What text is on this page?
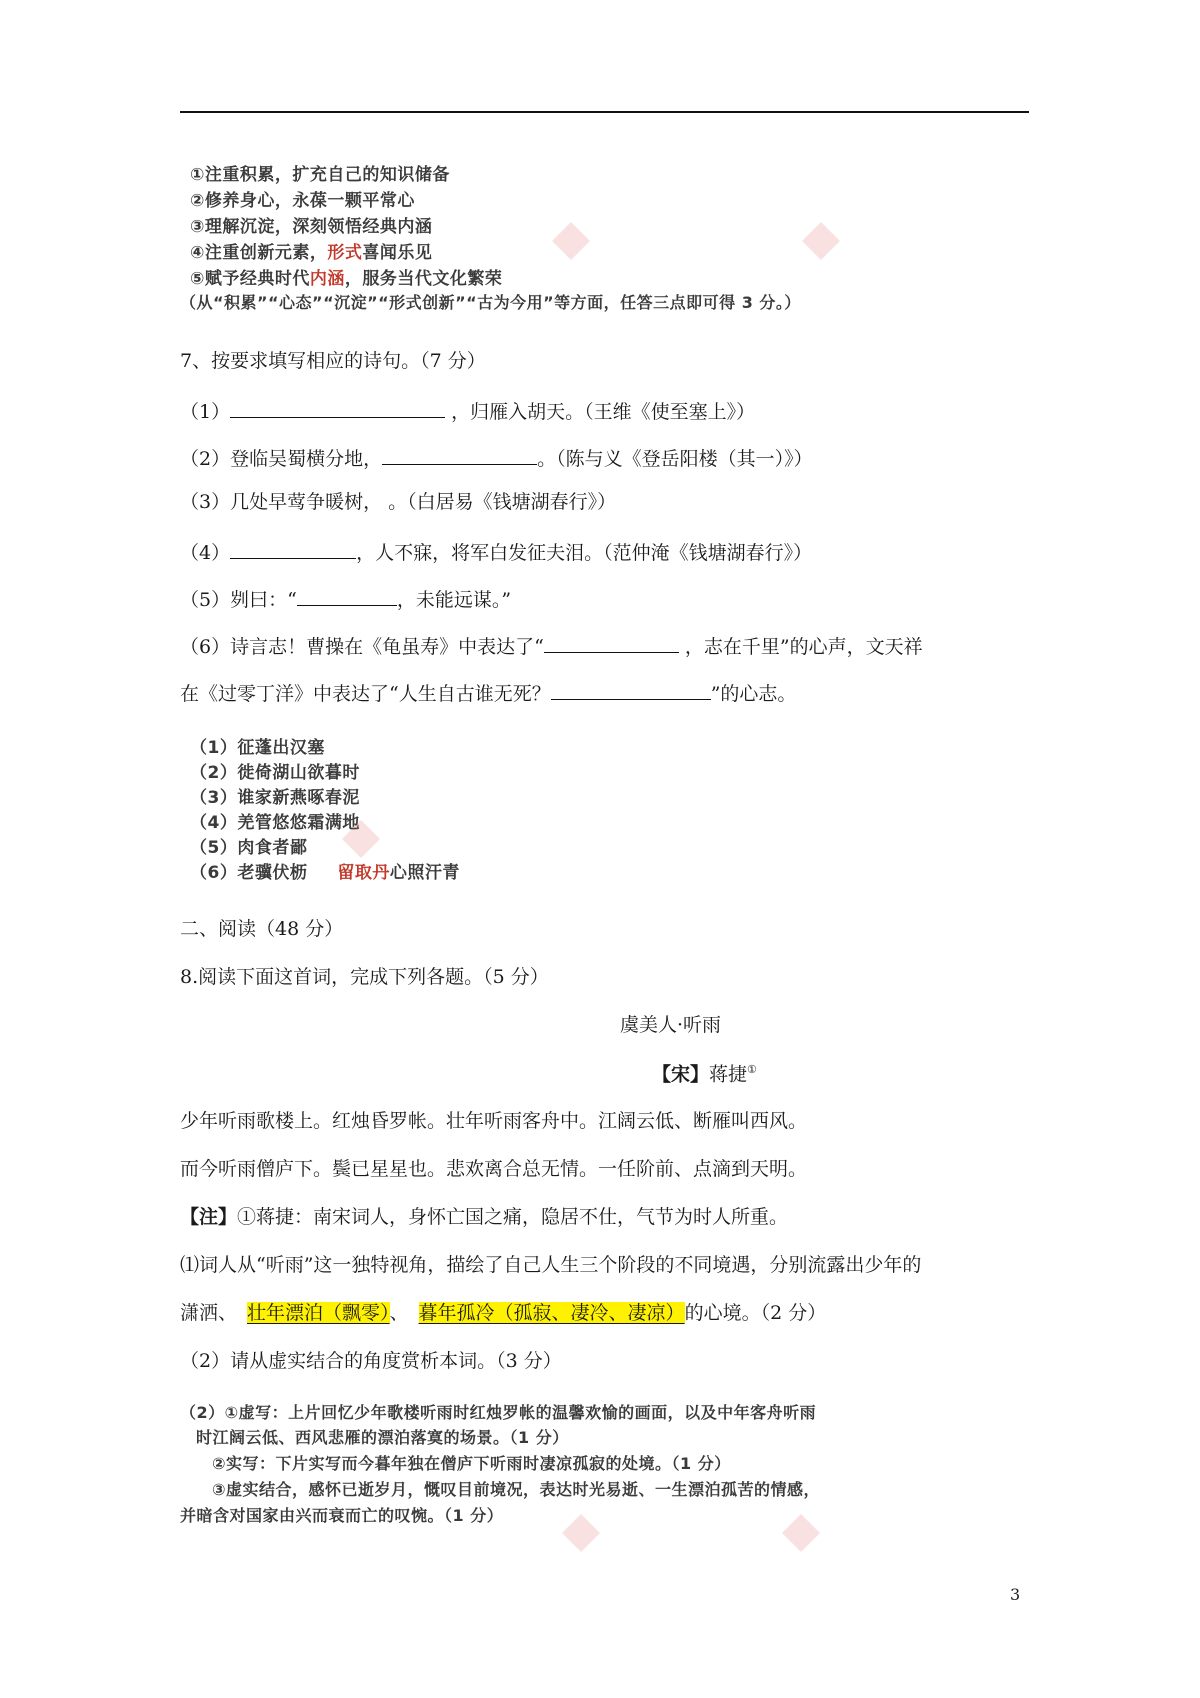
①注重积累，扩充自己的知识储备
②修养身心，永葆一颗平常心
③理解沉淀，深刻领悟经典内涵
④注重创新元素，形式喜闻乐见
⑤赋予经典时代内涵，服务当代文化繁荣
（从“积累”“心态”“沉淀”“形式创新”“古为今用”等方面，任答三点即可得 3 分。）
7、按要求填写相应的诗句。（7 分）
（1）	，归雁入胡天。（王维《使至塞上》）
（2）登临吴蜀横分地，	。（陈与义《登岳阳楼（其一）》）
（3）几处早莺争暖树， 。（白居易《钱塘湖春行》）
（4）	，人不寐，将军白发征夫泪。（范仲淹《钱塘湖春行》）
（5）刿曰：“	，未能远谋。”
（6）诗言志！曹操在《龟虽寿》中表达了“	，志在千里”的心声，文天祥
在《过零丁洋》中表达了“人生自古谁无死？	”的心志。
（1）征蓬出汉塞
（2）徙倚湖山欲暮时
（3）谁家新燕啄春泥
（4）羌管悠悠霜满地
（5）肉食者鄙
（6）老骥伏枥 留取丹心照汗青
二、阅读（48 分）
8.阅读下面这首词，完成下列各题。（5 分）
虞美人·听雨
【宋】蒋捷①
少年听雨歌楼上。红烛昏罗帐。壮年听雨客舟中。江阔云低、断雁叫西风。
而今听雨僧庐下。鬓已星星也。悲欢离合总无情。一任阶前、点滴到天明。
【注】①蒋捷：南宋词人，身怀亡国之痛，隐居不仕，气节为时人所重。
⑴词人从“听雨”这一独特视角，描绘了自己人生三个阶段的不同境遇，分别流露出少年的
潇洒、 壮年漂泊（飘零）、 暮年孤冷（孤寂、凄冷、凄凉）的心境。（2 分）
（2）请从虚实结合的角度赏析本词。（3 分）
（2）①虚写：上片回忆少年歌楼听雨时红烛罗帐的温馨欢愉的画面，以及中年客舟听雨
时江阔云低、西风悲雁的漂泊落寞的场景。（1 分）
②实写：下片实写而今暮年独在僧庐下听雨时凄凉孤寂的处境。（1 分）
③虚实结合，感怀已逝岁月，慨叹目前境况，表达时光易逝、一生漂泊孤苦的情感，
并暗含对国家由兴而衰而亡的叹惋。（1 分）
3
